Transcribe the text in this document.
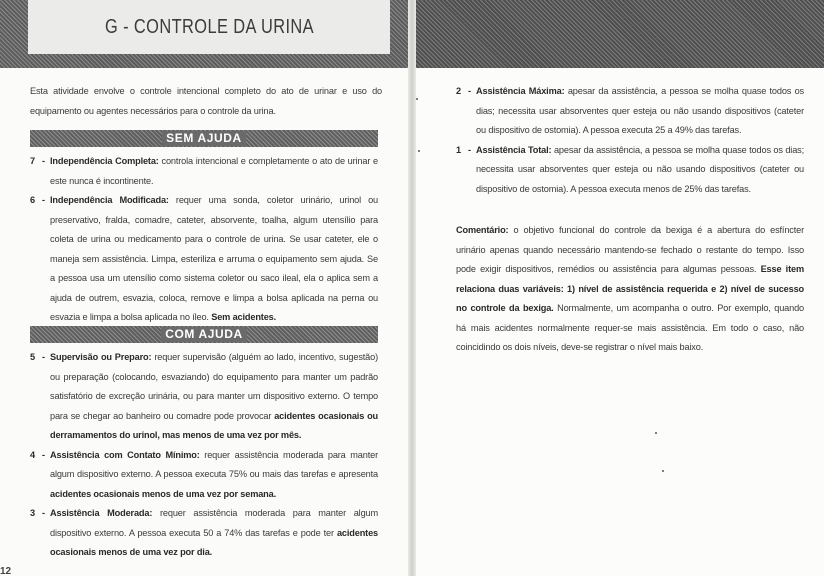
G - CONTROLE DA URINA

Esta atividade envolve o controle intencional completo do ato de urinar e uso do equipamento ou agentes necessários para o controle da urina.

SEM AJUDA
7 - Independência Completa: controla intencional e completamente o ato de urinar e este nunca é incontinente.

6 - Independência Modificada: requer uma sonda, coletor urinário, urinol ou preservativo, fralda, comadre, cateter, absorvente, toalha, algum utensílio para coleta de urina ou medicamento para o controle de urina. Se usar cateter, ele o maneja sem assistência. Limpa, esteriliza e arruma o equipamento sem ajuda. Se a pessoa usa um utensílio como sistema coletor ou saco ileal, ela o aplica sem a ajuda de outrem, esvazia, coloca, remove e limpa a bolsa aplicada na perna ou esvazia e limpa a bolsa aplicada no íleo. Sem acidentes.

COM AJUDA
5 - Supervisão ou Preparo: requer supervisão (alguém ao lado, incentivo, sugestão) ou preparação (colocando, esvaziando) do equipamento para manter um padrão satisfatório de excreção urinária, ou para manter um dispositivo externo. O tempo para se chegar ao banheiro ou comadre pode provocar acidentes ocasionais ou derramamentos do urinol, mas menos de uma vez por mês.

4 - Assistência com Contato Mínimo: requer assistência moderada para manter algum dispositivo externo. A pessoa executa 75% ou mais das tarefas e apresenta acidentes ocasionais menos de uma vez por semana.

3 - Assistência Moderada: requer assistência moderada para manter algum dispositivo externo. A pessoa executa 50 a 74% das tarefas e pode ter acidentes ocasionais menos de uma vez por dia.

12
2 - Assistência Máxima: apesar da assistência, a pessoa se molha quase todos os dias; necessita usar absorventes quer esteja ou não usando dispositivos (cateter ou dispositivo de ostomia). A pessoa executa 25 a 49% das tarefas.

1 - Assistência Total: apesar da assistência, a pessoa se molha quase todos os dias; necessita usar absorventes quer esteja ou não usando dispositivos (cateter ou dispositivo de ostomia). A pessoa executa menos de 25% das tarefas.

Comentário: o objetivo funcional do controle da bexiga é a abertura do esfíncter urinário apenas quando necessário mantendo-se fechado o restante do tempo. Isso pode exigir dispositivos, remédios ou assistência para algumas pessoas. Esse item relaciona duas variáveis: 1) nível de assistência requerida e 2) nível de sucesso no controle da bexiga. Normalmente, um acompanha o outro. Por exemplo, quando há mais acidentes normalmente requer-se mais assistência. Em todo o caso, não coincidindo os dois níveis, deve-se registrar o nível mais baixo.
